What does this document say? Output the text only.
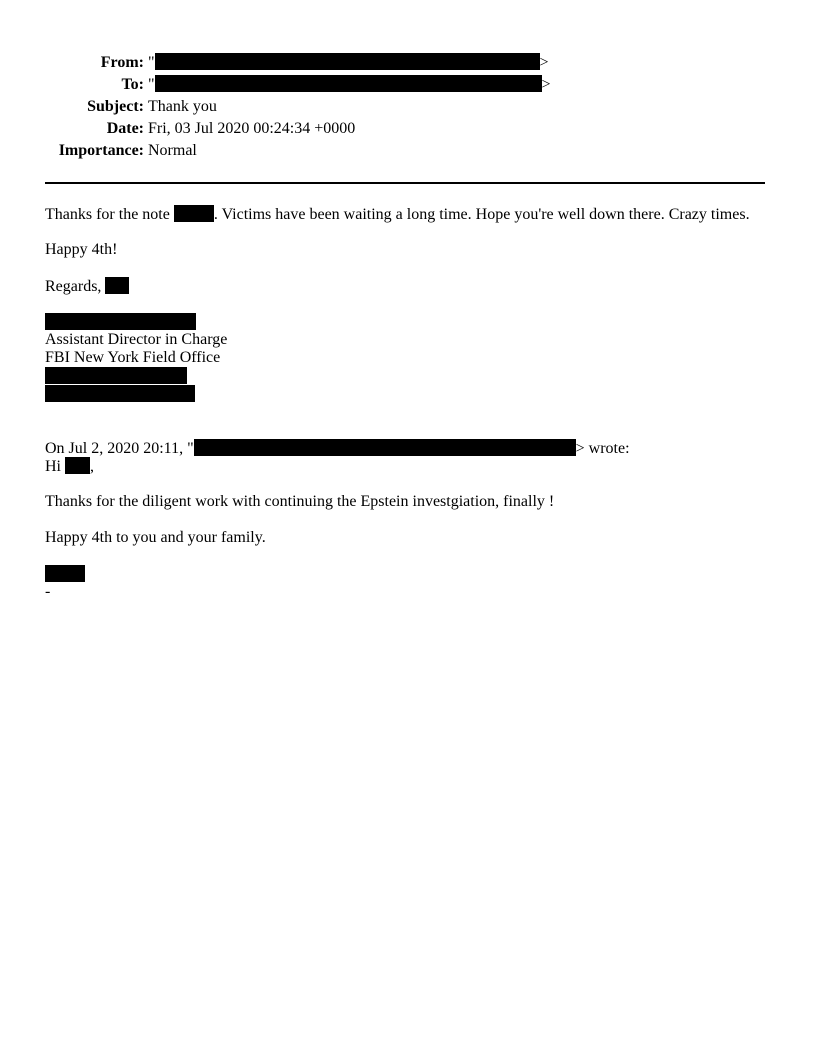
From: "	>
To: "	>
Subject: Thank you
Date: Fri, 03 Jul 2020 00:24:34 +0000
Importance: Normal
Thanks for the note	. Victims have been waiting a long time. Hope you're well down there. Crazy times.
Happy 4th!
Regards,
Assistant Director in Charge
FBI New York Field Office
On Jul 2, 2020 20:11, "	> wrote:
Hi ,
Thanks for the diligent work with continuing the Epstein investgiation, finally !
Happy 4th to you and your family.
-
